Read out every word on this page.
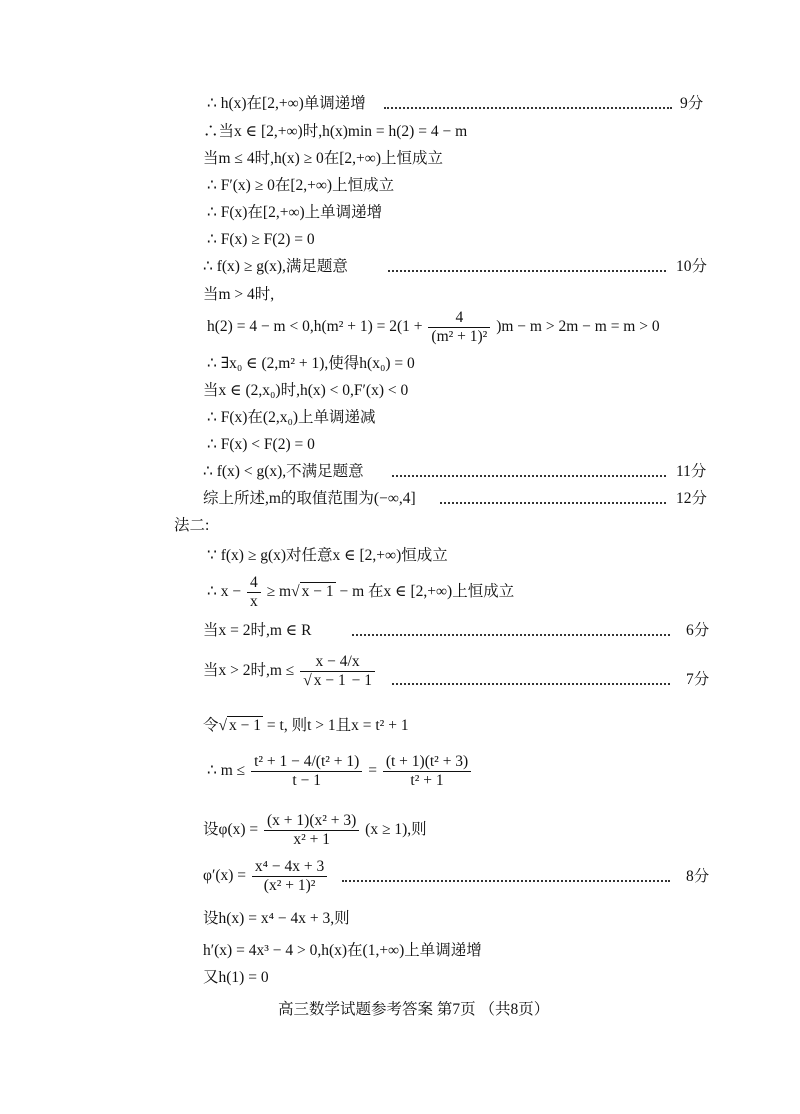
∴ h(x)在[2,+∞)单调递增	9分
∴当x ∈ [2,+∞)时,h(x)min = h(2) = 4 − m
当m ≤ 4时,h(x) ≥ 0在[2,+∞)上恒成立
∴ F′(x) ≥ 0在[2,+∞)上恒成立
∴ F(x)在[2,+∞)上单调递增
∴ F(x) ≥ F(2) = 0
∴ f(x) ≥ g(x),满足题意	10分
当m > 4时,
$h(2) = 4 - m < 0,h(m^2 + 1) = 2(1 + \frac{4}{\text{(m² + 1)²}} )m - m > 2m - m = m > 0$
∴ ∃x₀ ∈ (2,m² + 1),使得h(x₀) = 0
当x ∈ (2,x₀)时,h(x) < 0,F′(x) < 0
∴ F(x)在(2,x₀)上单调递减
∴ F(x) < F(2) = 0
∴ f(x) < g(x),不满足题意	11分
综上所述,m的取值范围为(−∞,4]	12分
法二:
∵ f(x) ≥ g(x)对任意x ∈ [2,+∞)恒成立
∴ $x - \frac{4}{x} \ge m√$ x − 1 − m 在x ∈ [2,+∞)上恒成立
当x = 2时,m ∈ R	6分
当x > 2时$,m \le \frac{x - 4/x}{√ x - 1 - 1}$	7分
令√ x − 1 = t, 则t > 1且x = t² + 1
∴ $m \le \frac{\text{t² + 1 − 4/(t² + 1)}}{t - 1} = \frac{\text{(t + 1)(t² + 3)}}{\text{t² + 1}}$
设$\varphi(x) = \frac{\text{(x + 1)(x² + 3)}}{\text{x² + 1}} (x \ge 1)$,则
$\varphi'(x) = \frac{\text{x⁴ − 4x + 3}}{\text{(x² + 1)²}}$	8分
设h(x) = x⁴ − 4x + 3,则
h′(x) = 4x³ − 4 > 0,h(x)在(1,+∞)上单调递增
又h(1) = 0
高三数学试题参考答案 第7页 （共8页）
